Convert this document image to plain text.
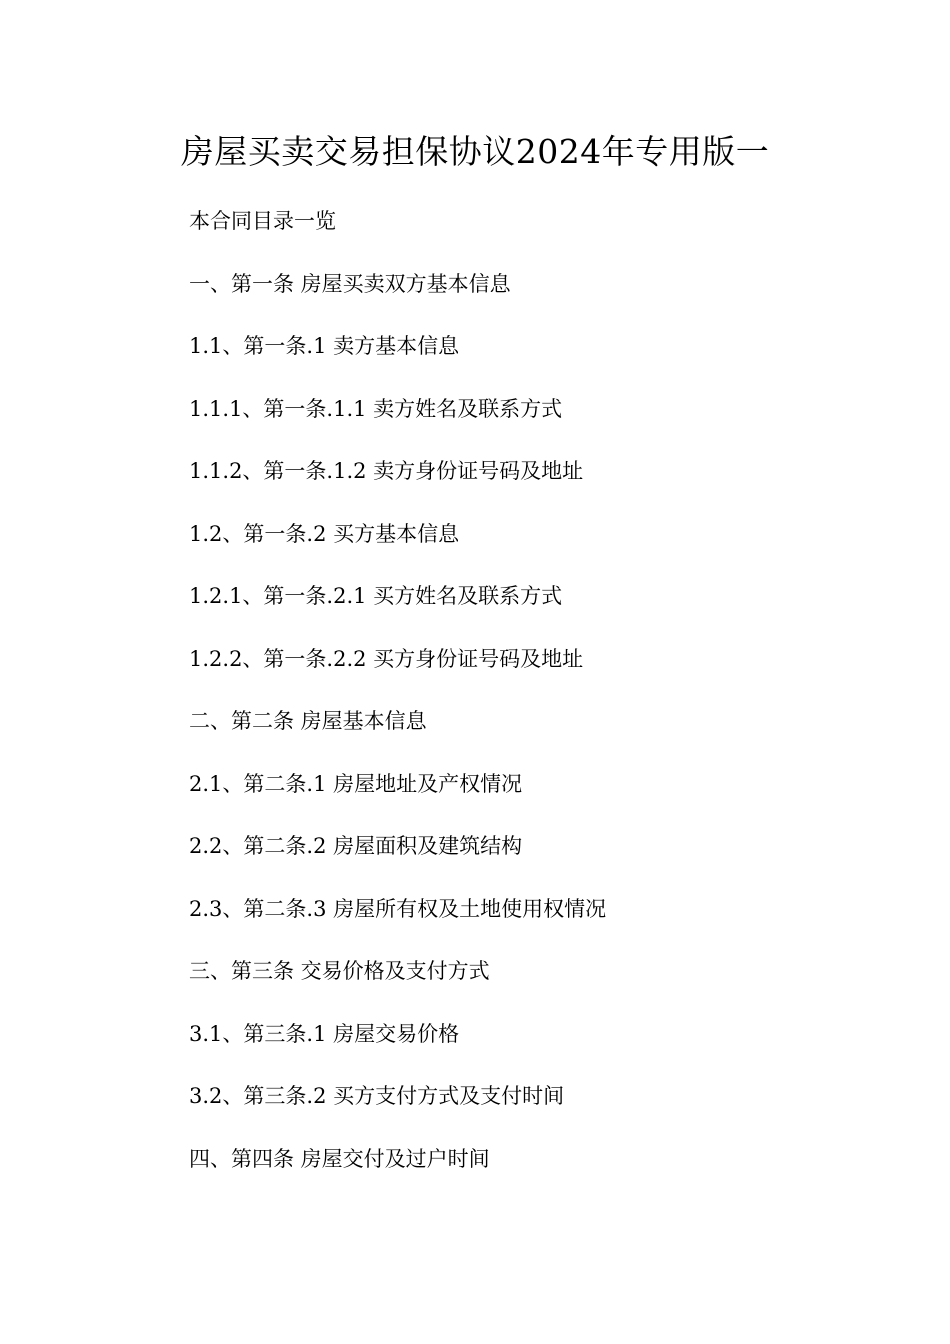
房屋买卖交易担保协议2024年专用版一
本合同目录一览
一、第一条 房屋买卖双方基本信息
1.1、第一条.1 卖方基本信息
1.1.1、第一条.1.1 卖方姓名及联系方式
1.1.2、第一条.1.2 卖方身份证号码及地址
1.2、第一条.2 买方基本信息
1.2.1、第一条.2.1 买方姓名及联系方式
1.2.2、第一条.2.2 买方身份证号码及地址
二、第二条 房屋基本信息
2.1、第二条.1 房屋地址及产权情况
2.2、第二条.2 房屋面积及建筑结构
2.3、第二条.3 房屋所有权及土地使用权情况
三、第三条 交易价格及支付方式
3.1、第三条.1 房屋交易价格
3.2、第三条.2 买方支付方式及支付时间
四、第四条 房屋交付及过户时间
